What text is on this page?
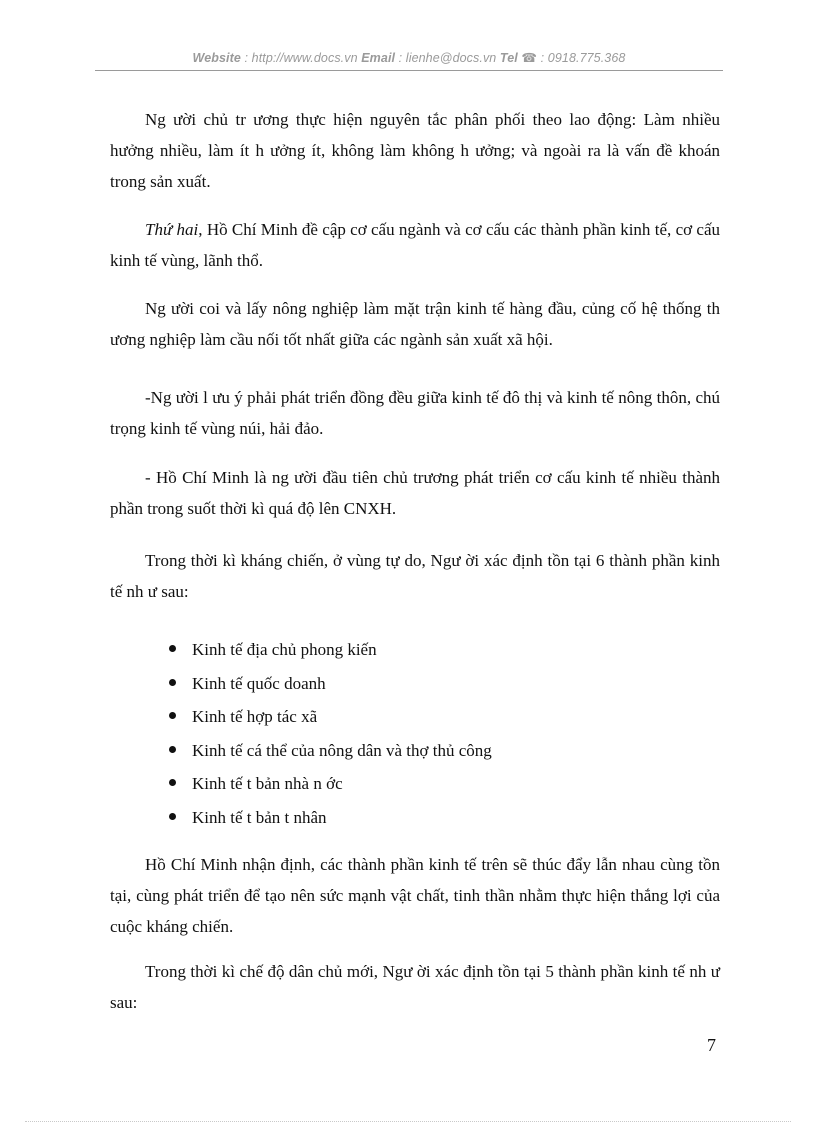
Website : http://www.docs.vn Email : lienhe@docs.vn Tel ☎ : 0918.775.368
Ng ười chủ tr ương thực hiện nguyên tắc phân phối theo lao động: Làm nhiều hưởng nhiều, làm ít h ưởng ít, không làm không h ưởng; và ngoài ra là vấn đề khoán trong sản xuất.
Thứ hai, Hồ Chí Minh đề cập cơ cấu ngành và cơ cấu các thành phần kinh tế, cơ cấu kinh tế vùng, lãnh thổ.
Ng ười coi và lấy nông nghiệp làm mặt trận kinh tế hàng đầu, củng cố hệ thống th ương nghiệp làm cầu nối tốt nhất giữa các ngành sản xuất xã hội.
-Ng ười l ưu ý phải phát triển đồng đều giữa kinh tế đô thị và kinh tế nông thôn, chú trọng kinh tế vùng núi, hải đảo.
- Hồ Chí Minh là ng ười đầu tiên chủ trương phát triển cơ cấu kinh tế nhiều thành phần trong suốt thời kì quá độ lên CNXH.
Trong thời kì kháng chiến, ở vùng tự do, Ngư ời xác định tồn tại 6 thành phần kinh tế nh ư sau:
Kinh tế địa chủ phong kiến
Kinh tế quốc doanh
Kinh tế hợp tác xã
Kinh tế cá thể của nông dân và thợ thủ công
Kinh tế t bản nhà n ớc
Kinh tế t bản t nhân
Hồ Chí Minh nhận định, các thành phần kinh tế trên sẽ thúc đẩy lẫn nhau cùng tồn tại, cùng phát triển để tạo nên sức mạnh vật chất, tinh thần nhằm thực hiện thắng lợi của cuộc kháng chiến.
Trong thời kì chế độ dân chủ mới, Ngư ời xác định tồn tại 5 thành phần kinh tế nh ư sau:
7
